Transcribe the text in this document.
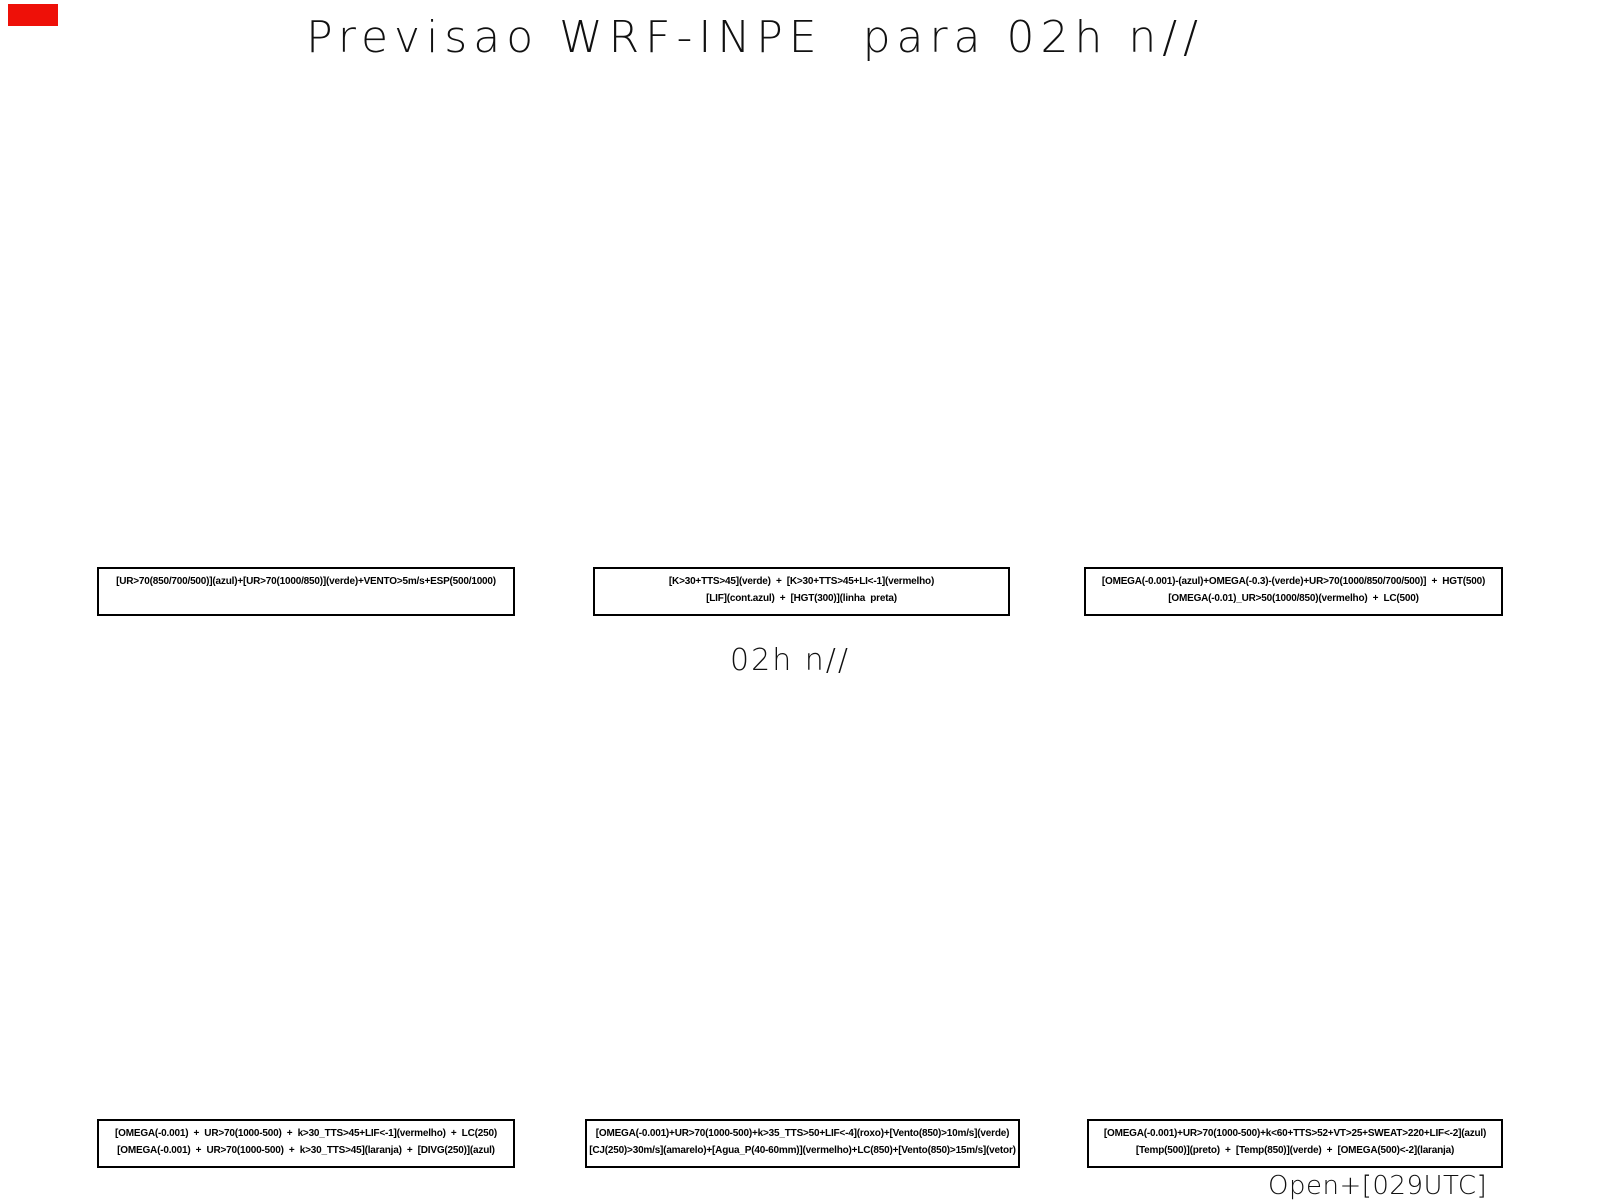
Previsao WRF-INPE  para 02h n//
[UR>70(850/700/500)](azul)+[UR>70(1000/850)](verde)+VENTO>5m/s+ESP(500/1000)	[K>30+TTS>45](verde)  +  [K>30+TTS>45+LI<-1](vermelho)
[LIF](cont.azul)  +  [HGT(300)](linha  preta)
[OMEGA(-0.001)-(azul)+OMEGA(-0.3)-(verde)+UR>70(1000/850/700/500)]  +  HGT(500)
[OMEGA(-0.01)_UR>50(1000/850)(vermelho)  +  LC(500)
02h n//
[OMEGA(-0.001)  +  UR>70(1000-500)  +  k>30_TTS>45+LIF<-1](vermelho)  +  LC(250)
[OMEGA(-0.001)  +  UR>70(1000-500)  +  k>30_TTS>45](laranja)  +  [DIVG(250)](azul)
[OMEGA(-0.001)+UR>70(1000-500)+k>35_TTS>50+LIF<-4](roxo)+[Vento(850)>10m/s](verde)
[CJ(250)>30m/s](amarelo)+[Agua_P(40-60mm)](vermelho)+LC(850)+[Vento(850)>15m/s](vetor)
[OMEGA(-0.001)+UR>70(1000-500)+k<60+TTS>52+VT>25+SWEAT>220+LIF<-2](azul)
[Temp(500)](preto)  +  [Temp(850)](verde)  +  [OMEGA(500)<-2](laranja)
Open+[029UTC]
